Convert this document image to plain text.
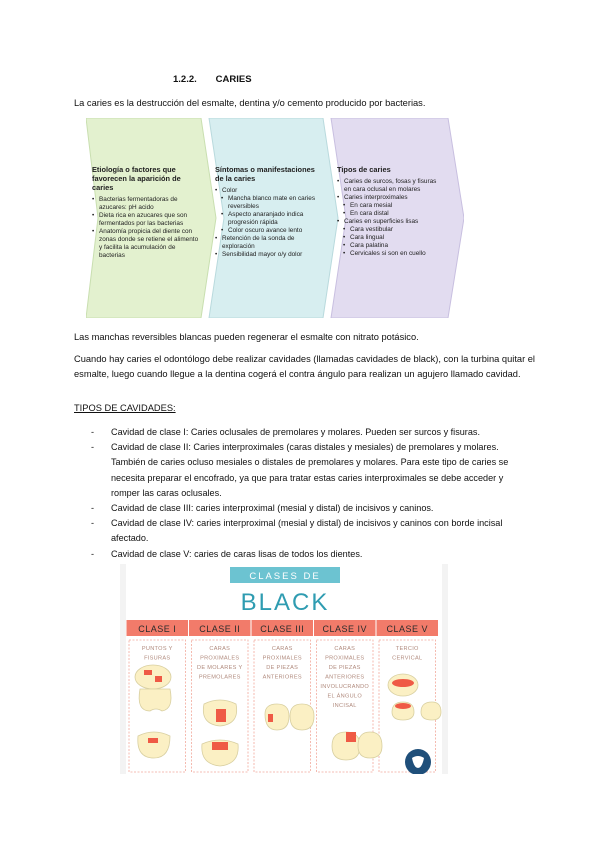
1.2.2. CARIES
La caries es la destrucción del esmalte, dentina y/o cemento producido por bacterias.
Etiología o factores que favorecen la aparición de caries
• Bacterias fermentadoras de azucares: pH acido
• Dieta rica en azucares que son fermentados por las bacterias
• Anatomía propicia del diente con zonas donde se retiene el alimento y facilita la acumulación de bacterias
Síntomas o manifestaciones de la caries
• Color
• Mancha blanco mate en caries reversibles
• Aspecto anaranjado indica progresión rápida
• Color oscuro avance lento
• Retención de la sonda de exploración
• Sensibilidad mayor o/y dolor
Tipos de caries
• Caries de surcos, fosas y fisuras en cara oclusal en molares
• Caries interproximales
• En cara mesial
• En cara distal
• Caries en superficies lisas
• Cara vestibular
• Cara lingual
• Cara palatina
• Cervicales si son en cuello
Las manchas reversibles blancas pueden regenerar el esmalte con nitrato potásico.
Cuando hay caries el odontólogo debe realizar cavidades (llamadas cavidades de black), con la turbina quitar el esmalte, luego cuando llegue a la dentina cogerá el contra ángulo para realizan un agujero llamado cavidad.
TIPOS DE CAVIDADES:
- Cavidad de clase I: Caries oclusales de premolares y molares. Pueden ser surcos y fisuras.
- Cavidad de clase II: Caries interproximales (caras distales y mesiales) de premolares y molares. También de caries ocluso mesiales o distales de premolares y molares. Para este tipo de caries se necesita preparar el encofrado, ya que para tratar estas caries interproximales se debe acceder y romper las caras oclusales.
- Cavidad de clase III: caries interproximal (mesial y distal) de incisivos y caninos.
- Cavidad de clase IV: caries interproximal (mesial y distal) de incisivos y caninos con borde incisal afectado.
- Cavidad de clase V: caries de caras lisas de todos los dientes.
CLASES DE
BLACK
CLASE I
PUNTOS Y
FISURAS
CLASE II
CARAS
PROXIMALES
DE MOLARES Y
PREMOLARES
CLASE III
CARAS
PROXIMALES
DE PIEZAS
ANTERIORES
CLASE IV
CARAS
PROXIMALES
DE PIEZAS
ANTERIORES
INVOLUCRANDO
EL ÁNGULO
INCISAL
CLASE V
TERCIO
CERVICAL
